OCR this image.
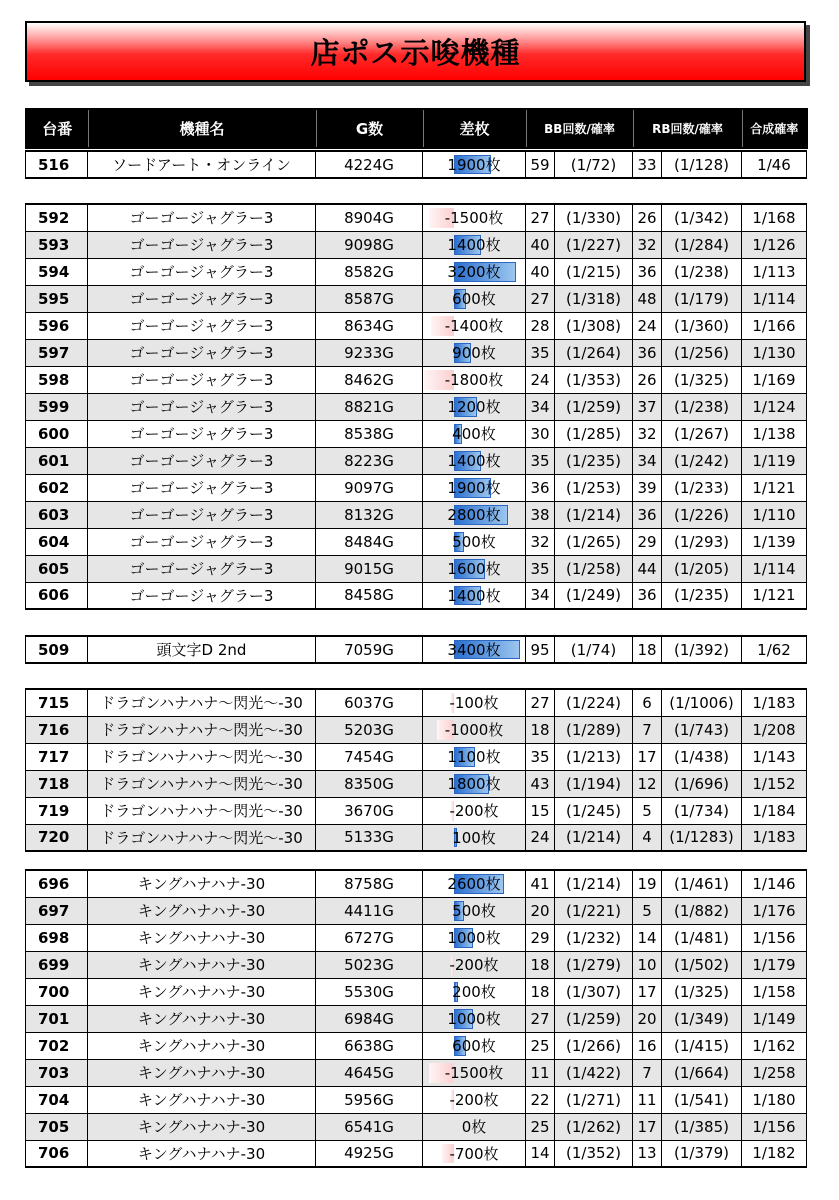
店ポス示唆機種
台番	機種名	G数	差枚	BB回数/確率	RB回数/確率	合成確率
516	ソードアート・オンライン	4224G	1900枚	59	(1/72)	33	(1/128)	1/46
592	ゴーゴージャグラー3	8904G	-1500枚	27	(1/330)	26	(1/342)	1/168
593	ゴーゴージャグラー3	9098G	1400枚	40	(1/227)	32	(1/284)	1/126
594	ゴーゴージャグラー3	8582G	3200枚	40	(1/215)	36	(1/238)	1/113
595	ゴーゴージャグラー3	8587G	600枚	27	(1/318)	48	(1/179)	1/114
596	ゴーゴージャグラー3	8634G	-1400枚	28	(1/308)	24	(1/360)	1/166
597	ゴーゴージャグラー3	9233G	900枚	35	(1/264)	36	(1/256)	1/130
598	ゴーゴージャグラー3	8462G	-1800枚	24	(1/353)	26	(1/325)	1/169
599	ゴーゴージャグラー3	8821G	1200枚	34	(1/259)	37	(1/238)	1/124
600	ゴーゴージャグラー3	8538G	400枚	30	(1/285)	32	(1/267)	1/138
601	ゴーゴージャグラー3	8223G	1400枚	35	(1/235)	34	(1/242)	1/119
602	ゴーゴージャグラー3	9097G	1900枚	36	(1/253)	39	(1/233)	1/121
603	ゴーゴージャグラー3	8132G	2800枚	38	(1/214)	36	(1/226)	1/110
604	ゴーゴージャグラー3	8484G	500枚	32	(1/265)	29	(1/293)	1/139
605	ゴーゴージャグラー3	9015G	1600枚	35	(1/258)	44	(1/205)	1/114
606	ゴーゴージャグラー3	8458G	1400枚	34	(1/249)	36	(1/235)	1/121
509	頭文字D 2nd	7059G	3400枚	95	(1/74)	18	(1/392)	1/62
715	ドラゴンハナハナ～閃光～-30	6037G	-100枚	27	(1/224)	6	(1/1006)	1/183
716	ドラゴンハナハナ～閃光～-30	5203G	-1000枚	18	(1/289)	7	(1/743)	1/208
717	ドラゴンハナハナ～閃光～-30	7454G	1100枚	35	(1/213)	17	(1/438)	1/143
718	ドラゴンハナハナ～閃光～-30	8350G	1800枚	43	(1/194)	12	(1/696)	1/152
719	ドラゴンハナハナ～閃光～-30	3670G	-200枚	15	(1/245)	5	(1/734)	1/184
720	ドラゴンハナハナ～閃光～-30	5133G	100枚	24	(1/214)	4	(1/1283)	1/183
696	キングハナハナ-30	8758G	2600枚	41	(1/214)	19	(1/461)	1/146
697	キングハナハナ-30	4411G	500枚	20	(1/221)	5	(1/882)	1/176
698	キングハナハナ-30	6727G	1000枚	29	(1/232)	14	(1/481)	1/156
699	キングハナハナ-30	5023G	-200枚	18	(1/279)	10	(1/502)	1/179
700	キングハナハナ-30	5530G	200枚	18	(1/307)	17	(1/325)	1/158
701	キングハナハナ-30	6984G	1000枚	27	(1/259)	20	(1/349)	1/149
702	キングハナハナ-30	6638G	600枚	25	(1/266)	16	(1/415)	1/162
703	キングハナハナ-30	4645G	-1500枚	11	(1/422)	7	(1/664)	1/258
704	キングハナハナ-30	5956G	-200枚	22	(1/271)	11	(1/541)	1/180
705	キングハナハナ-30	6541G	0枚	25	(1/262)	17	(1/385)	1/156
706	キングハナハナ-30	4925G	-700枚	14	(1/352)	13	(1/379)	1/182
